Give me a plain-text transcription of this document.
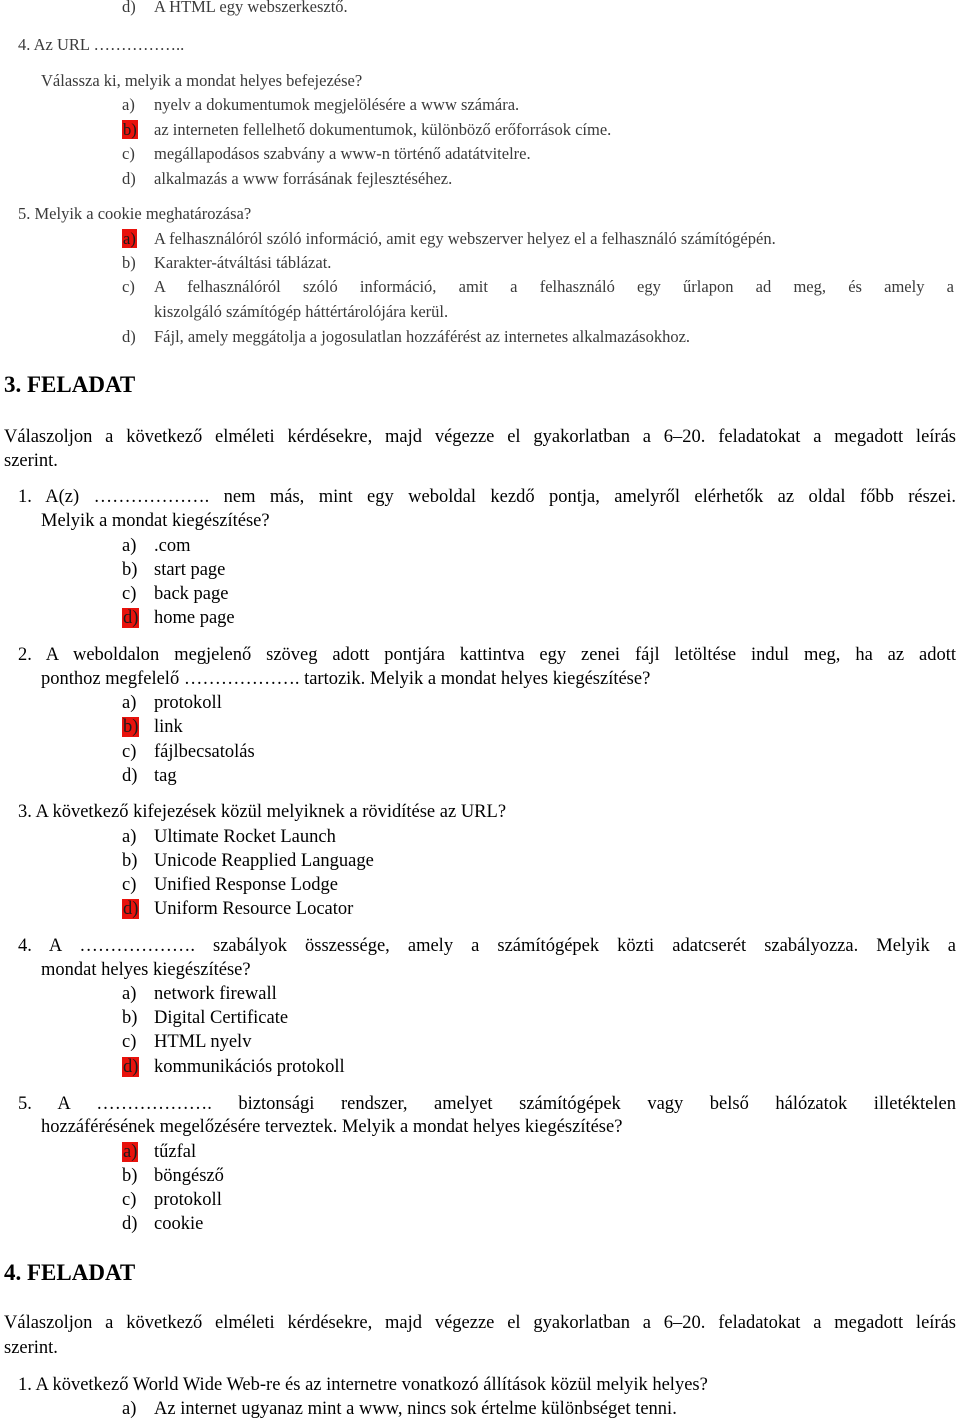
d) A HTML egy webszerkesztő.
4. Az URL ……………..
Válassza ki, melyik a mondat helyes befejezése?
a) nyelv a dokumentumok megjelölésére a www számára.
b) az interneten fellelhető dokumentumok, különböző erőforrások címe.
c) megállapodásos szabvány a www-n történő adatátvitelre.
d) alkalmazás a www forrásának fejlesztéséhez.
5. Melyik a cookie meghatározása?
a) A felhasználóról szóló információ, amit egy webszerver helyez el a felhasználó számítógépén.
b) Karakter-átváltási táblázat.
c) A felhasználóról szóló információ, amit a felhasználó egy űrlapon ad meg, és amely a
kiszolgáló számítógép háttértárolójára kerül.
d) Fájl, amely meggátolja a jogosulatlan hozzáférést az internetes alkalmazásokhoz.
3. FELADAT
Válaszoljon a következő elméleti kérdésekre, majd végezze el gyakorlatban a 6–20. feladatokat a megadott leírás
szerint.
1. A(z) ………………. nem más, mint egy weboldal kezdő pontja, amelyről elérhetők az oldal főbb részei.
Melyik a mondat kiegészítése?
a) .com
b) start page
c) back page
d) home page
2. A weboldalon megjelenő szöveg adott pontjára kattintva egy zenei fájl letöltése indul meg, ha az adott
ponthoz megfelelő ………………. tartozik. Melyik a mondat helyes kiegészítése?
a) protokoll
b) link
c) fájlbecsatolás
d) tag
3. A következő kifejezések közül melyiknek a rövidítése az URL?
a) Ultimate Rocket Launch
b) Unicode Reapplied Language
c) Unified Response Lodge
d) Uniform Resource Locator
4. A ………………. szabályok összessége, amely a számítógépek közti adatcserét szabályozza. Melyik a
mondat helyes kiegészítése?
a) network firewall
b) Digital Certificate
c) HTML nyelv
d) kommunikációs protokoll
5. A ………………. biztonsági rendszer, amelyet számítógépek vagy belső hálózatok illetéktelen
hozzáférésének megelőzésére terveztek. Melyik a mondat helyes kiegészítése?
a) tűzfal
b) böngésző
c) protokoll
d) cookie
4. FELADAT
Válaszoljon a következő elméleti kérdésekre, majd végezze el gyakorlatban a 6–20. feladatokat a megadott leírás
szerint.
1. A következő World Wide Web-re és az internetre vonatkozó állítások közül melyik helyes?
a) Az internet ugyanaz mint a www, nincs sok értelme különbséget tenni.
